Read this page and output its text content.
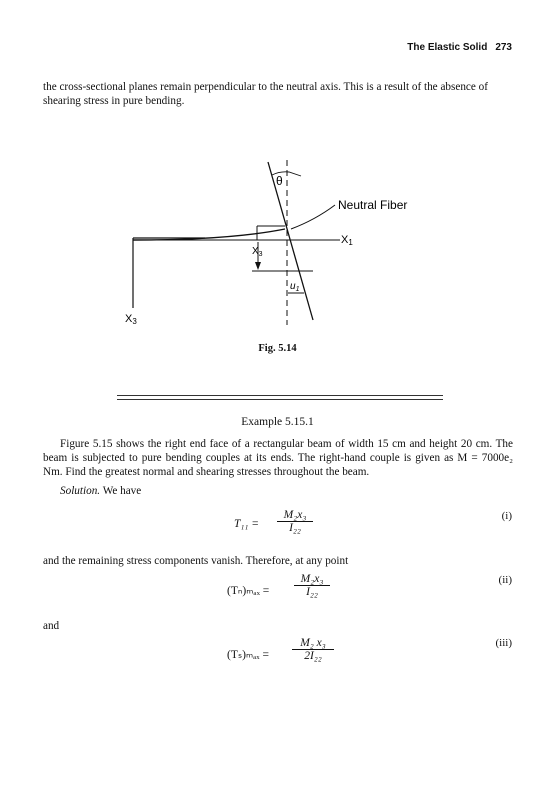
The Elastic Solid 273
the cross-sectional planes remain perpendicular to the neutral axis. This is a result of the absence of shearing stress in pure bending.
θ
Neutral Fiber
X1
$X_3$
$u_1$
X3
Fig. 5.14
Example 5.15.1
Figure 5.15 shows the right end face of a rectangular beam of width 15 cm and height 20 cm. The beam is subjected to pure bending couples at its ends. The right-hand couple is given as M = 7000e₂ Nm. Find the greatest normal and shearing stresses throughout the beam.
Solution. We have
T₁₁ =
M₂x₃
I₂₂
(i)
and the remaining stress components vanish. Therefore, at any point
(Tₙ)ₘₐₓ =
M₂x₃
I₂₂
(ii)
and
(Tₛ)ₘₐₓ =
M₂ x₃
2I₂₂
(iii)
